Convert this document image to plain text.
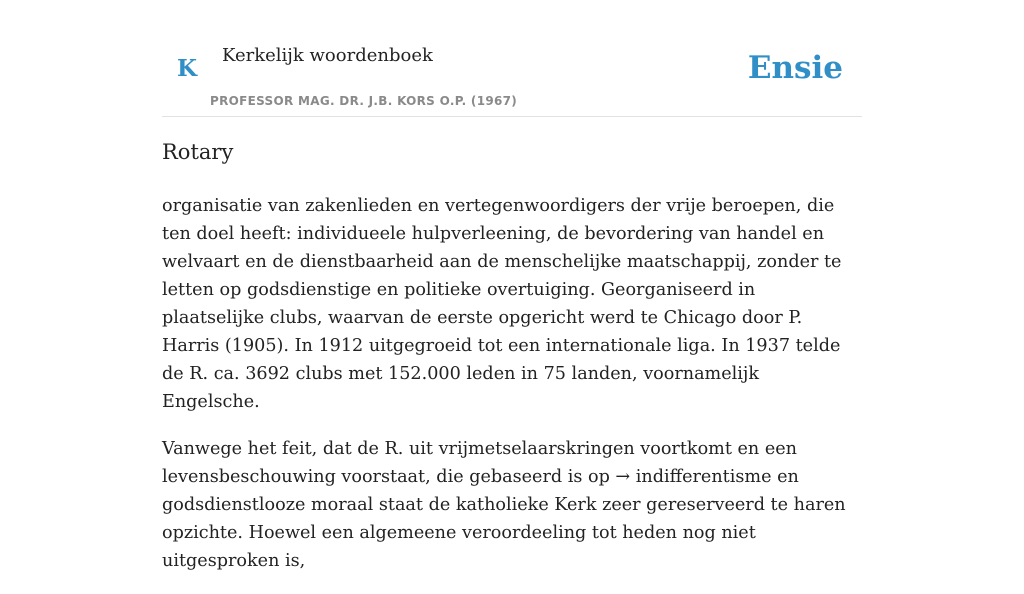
K Kerkelijk woordenboek
PROFESSOR MAG. DR. J.B. KORS O.P. (1967)
Ensie
Rotary

organisatie van zakenlieden en vertegenwoordigers der vrije beroepen, die ten doel heeft: individueele hulpverleening, de bevordering van handel en welvaart en de dienstbaarheid aan de menschelijke maatschappij, zonder te letten op godsdienstige en politieke overtuiging. Georganiseerd in plaatselijke clubs, waarvan de eerste opgericht werd te Chicago door P. Harris (1905). In 1912 uitgegroeid tot een internationale liga. In 1937 telde de R. ca. 3692 clubs met 152.000 leden in 75 landen, voornamelijk Engelsche.

Vanwege het feit, dat de R. uit vrijmetselaarskringen voortkomt en een levensbeschouwing voorstaat, die gebaseerd is op → indifferentisme en godsdienstlooze moraal staat de katholieke Kerk zeer gereserveerd te haren opzichte. Hoewel een algemeene veroordeeling tot heden nog niet uitgesproken is,
